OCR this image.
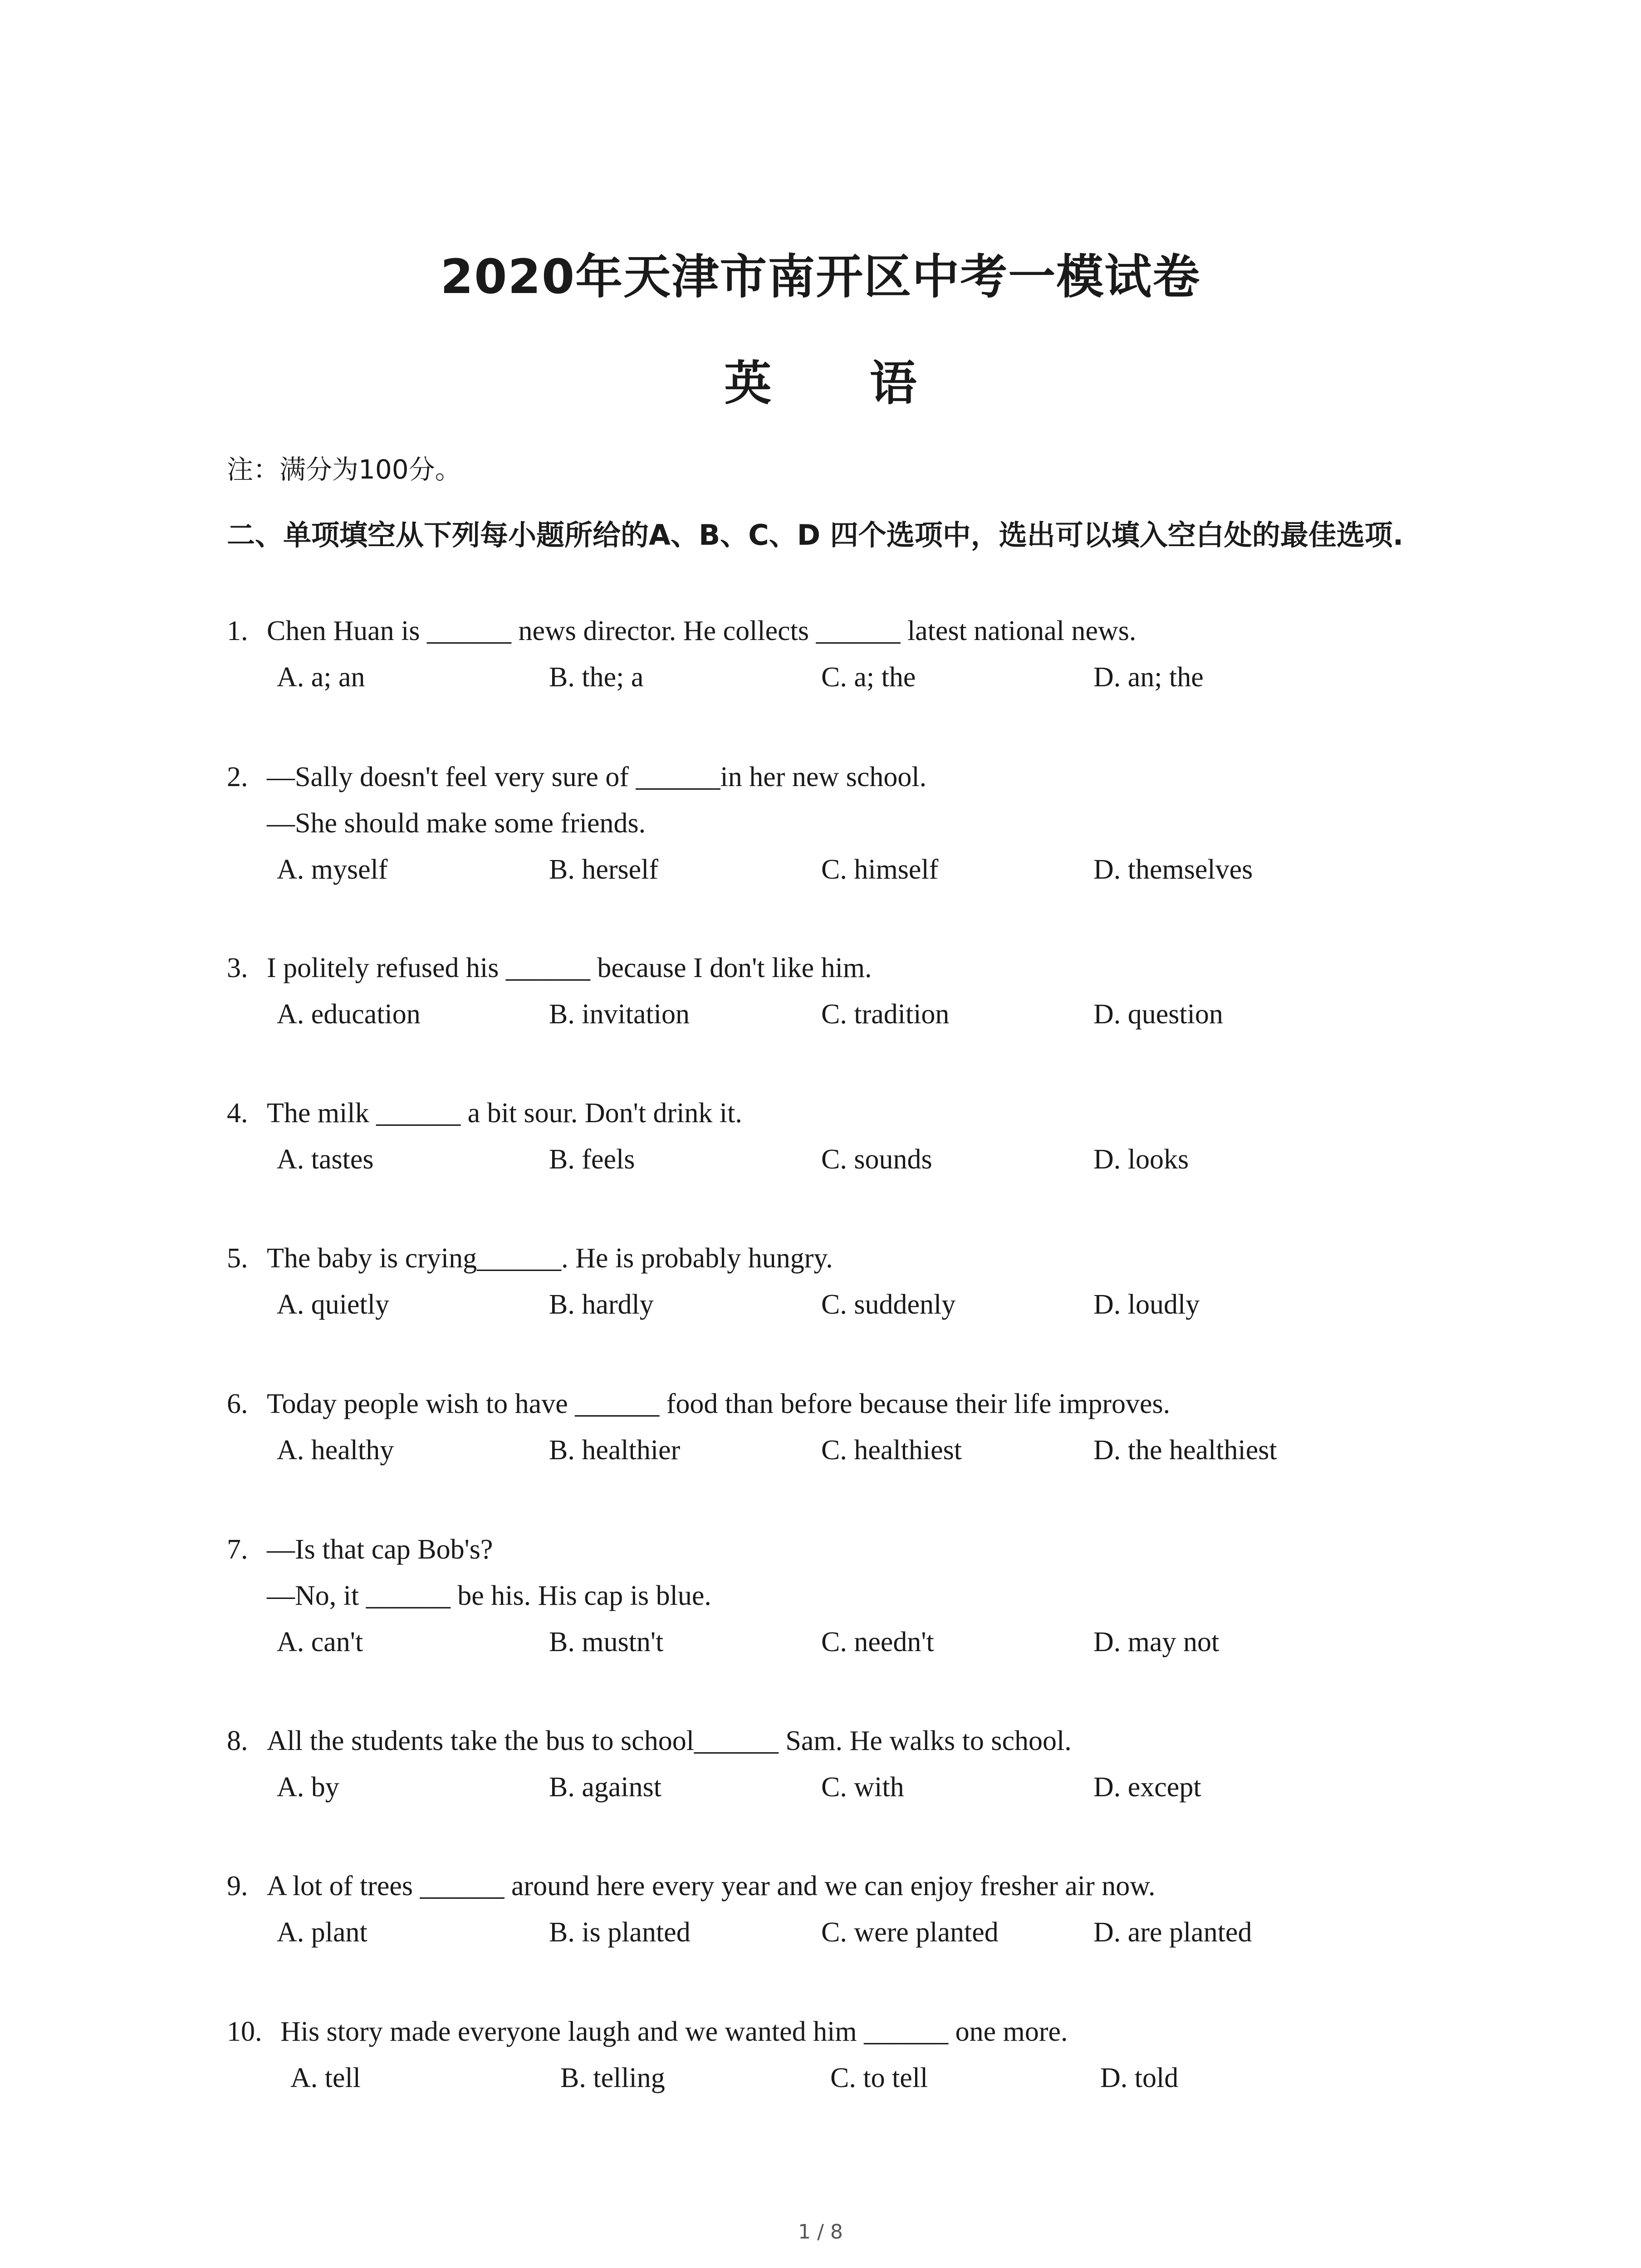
2020年天津市南开区中考一模试卷
英 语
注：满分为100分。
二、单项填空从下列每小题所给的A、B、C、D 四个选项中，选出可以填入空白处的最佳选项.
1. Chen Huan is ______ news director. He collects ______ latest national news.
A. a; an	B. the; a	C. a; the	D. an; the
2. —Sally doesn't feel very sure of ______in her new school.
—She should make some friends.
A. myself	B. herself	C. himself	D. themselves
3. I politely refused his ______ because I don't like him.
A. education	B. invitation	C. tradition	D. question
4. The milk ______ a bit sour. Don't drink it.
A. tastes	B. feels	C. sounds	D. looks
5. The baby is crying______. He is probably hungry.
A. quietly	B. hardly	C. suddenly	D. loudly
6. Today people wish to have ______ food than before because their life improves.
A. healthy	B. healthier	C. healthiest	D. the healthiest
7. —Is that cap Bob's?
—No, it ______ be his. His cap is blue.
A. can't	B. mustn't	C. needn't	D. may not
8. All the students take the bus to school______ Sam. He walks to school.
A. by	B. against	C. with	D. except
9. A lot of trees ______ around here every year and we can enjoy fresher air now.
A. plant	B. is planted	C. were planted	D. are planted
10. His story made everyone laugh and we wanted him ______ one more.
A. tell	B. telling	C. to tell	D. told
1 / 8
